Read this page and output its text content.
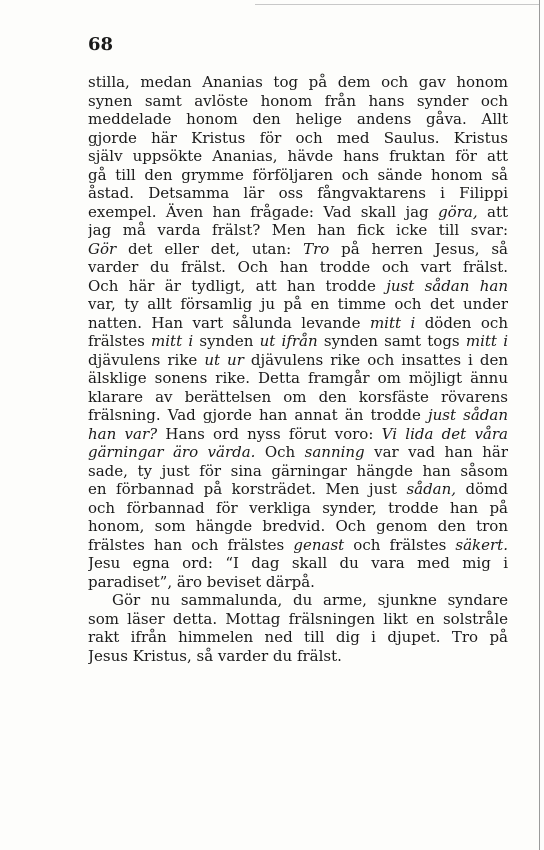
68
stilla, medan Ananias tog på dem och gav honom
synen samt avlöste honom från hans synder och
meddelade honom den helige andens gåva. Allt
gjorde här Kristus för och med Saulus. Kristus
själv uppsökte Ananias, hävde hans fruktan för att
gå till den grymme förföljaren och sände honom så
åstad. Detsamma lär oss fångvaktarens i Filippi
exempel. Även han frågade: Vad skall jag göra, att
jag må varda frälst? Men han fick icke till svar:
Gör det eller det, utan: Tro på herren Jesus, så
varder du frälst. Och han trodde och vart frälst.
Och här är tydligt, att han trodde just sådan han
var, ty allt församlig ju på en timme och det under
natten. Han vart sålunda levande mitt i döden och
frälstes mitt i synden ut ifrån synden samt togs mitt i
djävulens rike ut ur djävulens rike och insattes i den
älsklige sonens rike. Detta framgår om möjligt ännu
klarare av berättelsen om den korsfäste rövarens
frälsning. Vad gjorde han annat än trodde just sådan
han var? Hans ord nyss förut voro: Vi lida det våra
gärningar äro värda. Och sanning var vad han här
sade, ty just för sina gärningar hängde han såsom
en förbannad på korsträdet. Men just sådan, dömd
och förbannad för verkliga synder, trodde han på
honom, som hängde bredvid. Och genom den tron
frälstes han och frälstes genast och frälstes säkert.
Jesu egna ord: “I dag skall du vara med mig i
paradiset”, äro beviset därpå.
Gör nu sammalunda, du arme, sjunkne syndare
som läser detta. Mottag frälsningen likt en solstråle
rakt ifrån himmelen ned till dig i djupet. Tro på
Jesus Kristus, så varder du frälst.
